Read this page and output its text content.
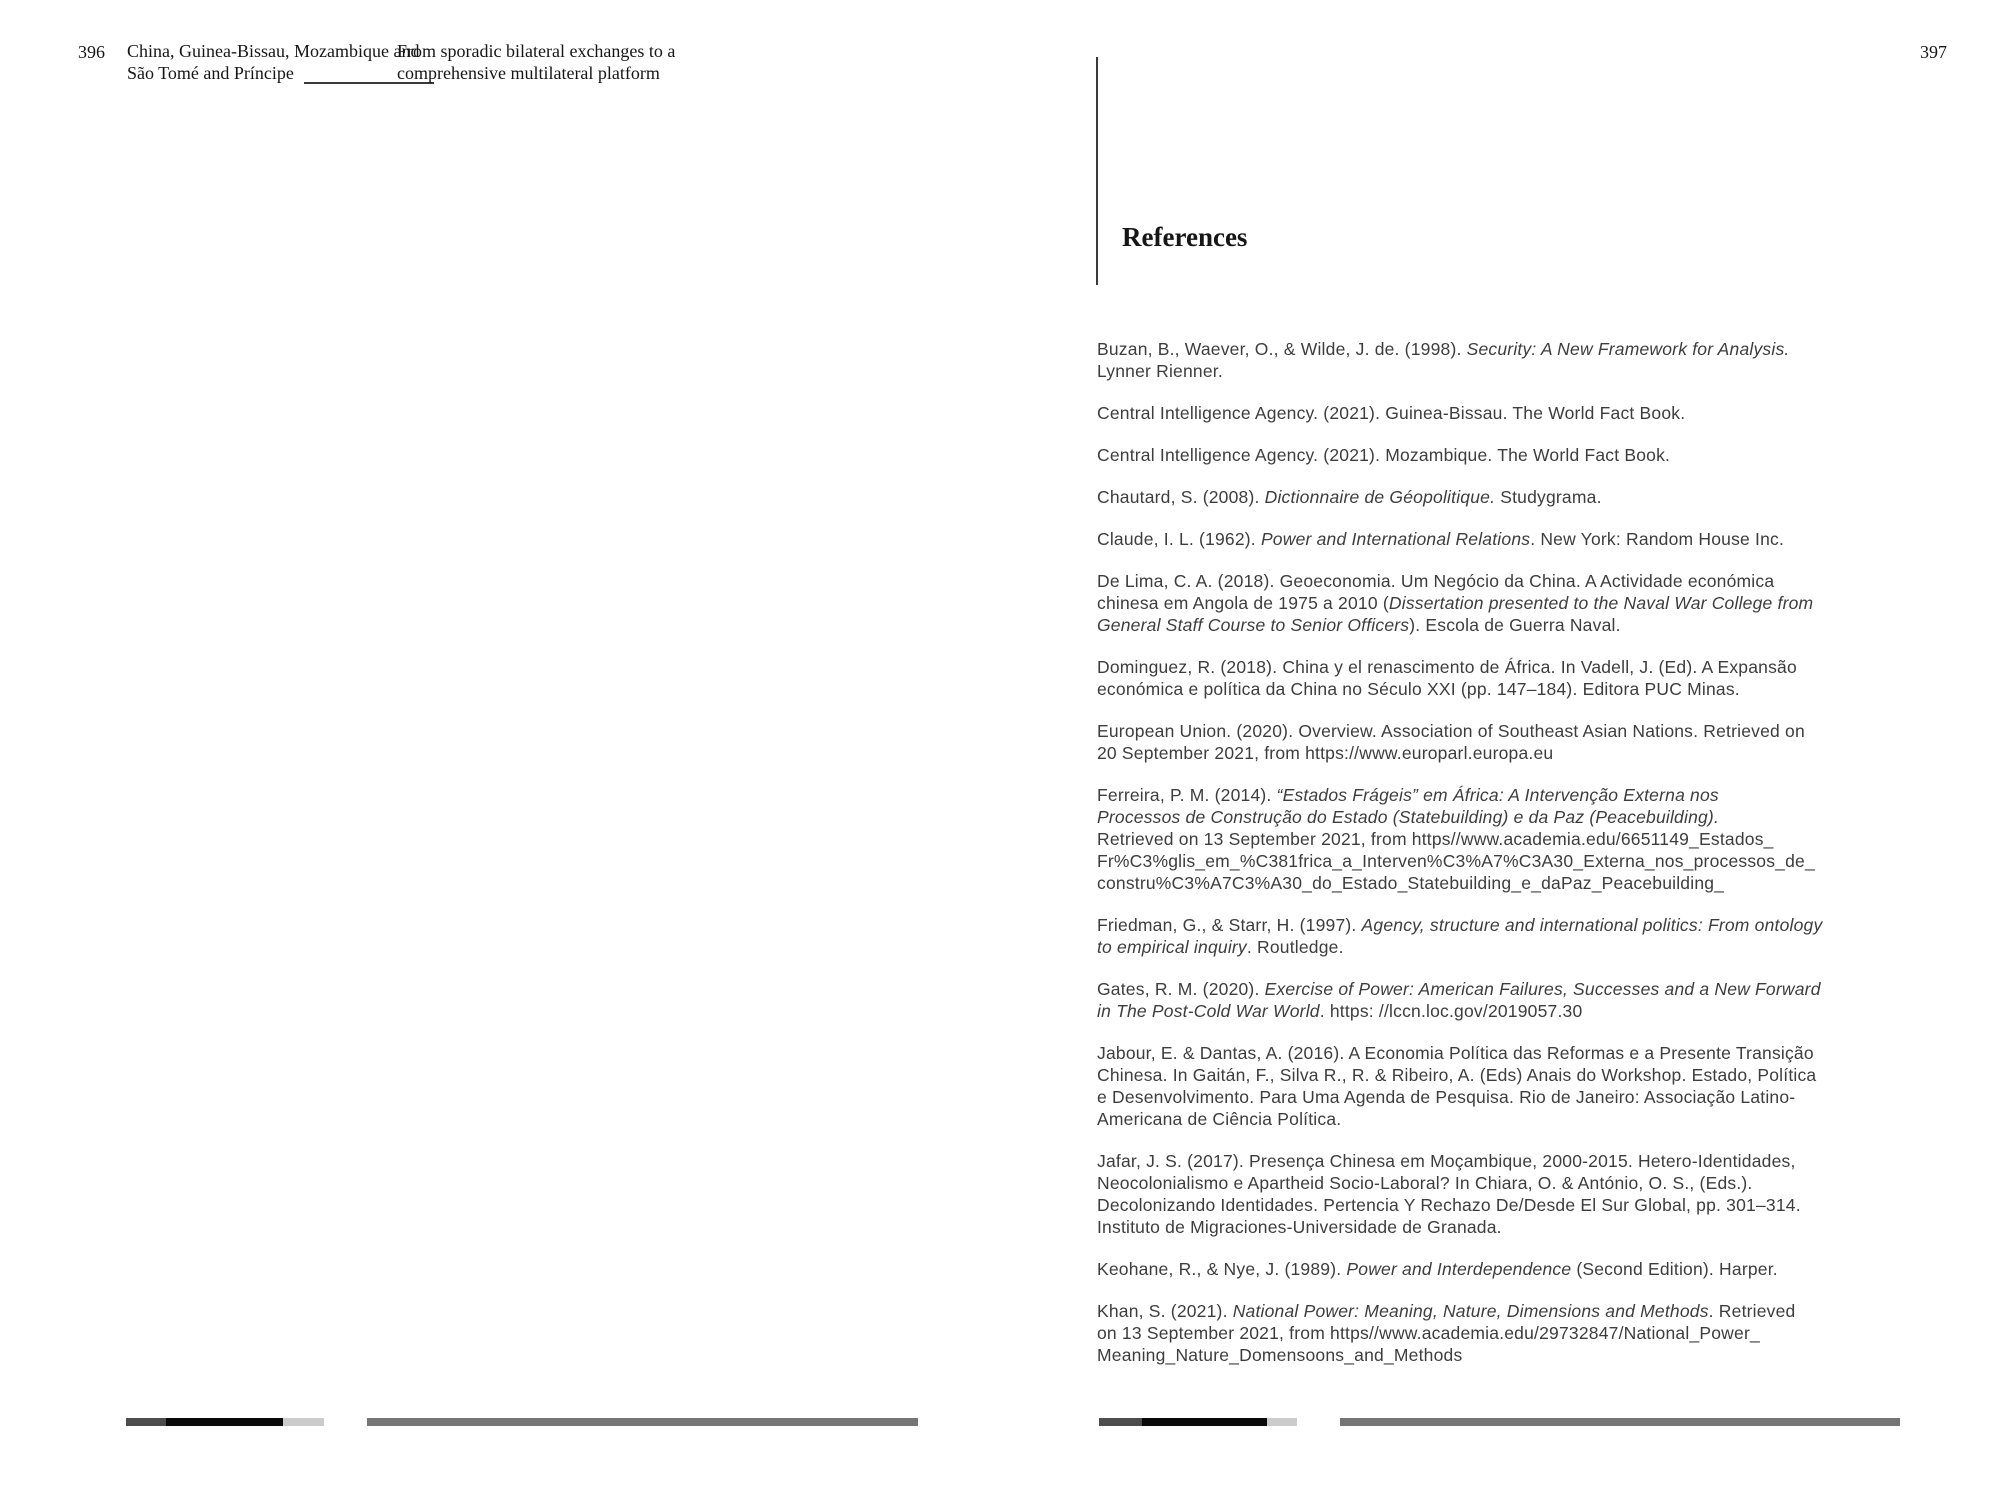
396 China, Guinea-Bissau, Mozambique and
São Tomé and Príncipe
From sporadic bilateral exchanges to a
comprehensive multilateral platform
397
References

Buzan, B., Waever, O., & Wilde, J. de. (1998). Security: A New Framework for Analysis.
Lynner Rienner.

Central Intelligence Agency. (2021). Guinea-Bissau. The World Fact Book.

Central Intelligence Agency. (2021). Mozambique. The World Fact Book.

Chautard, S. (2008). Dictionnaire de Géopolitique. Studygrama.

Claude, I. L. (1962). Power and International Relations. New York: Random House Inc.

De Lima, C. A. (2018). Geoeconomia. Um Negócio da China. A Actividade económica
chinesa em Angola de 1975 a 2010 (Dissertation presented to the Naval War College from
General Staff Course to Senior Officers). Escola de Guerra Naval.

Dominguez, R. (2018). China y el renascimento de África. In Vadell, J. (Ed). A Expansão
económica e política da China no Século XXI (pp. 147–184). Editora PUC Minas.

European Union. (2020). Overview. Association of Southeast Asian Nations. Retrieved on
20 September 2021, from https://www.europarl.europa.eu

Ferreira, P. M. (2014). “Estados Frágeis” em África: A Intervenção Externa nos
Processos de Construção do Estado (Statebuilding) e da Paz (Peacebuilding).
Retrieved on 13 September 2021, from https//www.academia.edu/6651149_Estados_
Fr%C3%glis_em_%C381frica_a_Interven%C3%A7%C3A30_Externa_nos_processos_de_
constru%C3%A7C3%A30_do_Estado_Statebuilding_e_daPaz_Peacebuilding_

Friedman, G., & Starr, H. (1997). Agency, structure and international politics: From ontology
to empirical inquiry. Routledge.

Gates, R. M. (2020). Exercise of Power: American Failures, Successes and a New Forward
in The Post-Cold War World. https: //lccn.loc.gov/2019057.30

Jabour, E. & Dantas, A. (2016). A Economia Política das Reformas e a Presente Transição
Chinesa. In Gaitán, F., Silva R., R. & Ribeiro, A. (Eds) Anais do Workshop. Estado, Política
e Desenvolvimento. Para Uma Agenda de Pesquisa. Rio de Janeiro: Associação Latino-
Americana de Ciência Política.

Jafar, J. S. (2017). Presença Chinesa em Moçambique, 2000-2015. Hetero-Identidades,
Neocolonialismo e Apartheid Socio-Laboral? In Chiara, O. & António, O. S., (Eds.).
Decolonizando Identidades. Pertencia Y Rechazo De/Desde El Sur Global, pp. 301–314.
Instituto de Migraciones-Universidade de Granada.

Keohane, R., & Nye, J. (1989). Power and Interdependence (Second Edition). Harper.

Khan, S. (2021). National Power: Meaning, Nature, Dimensions and Methods. Retrieved
on 13 September 2021, from https//www.academia.edu/29732847/National_Power_
Meaning_Nature_Domensoons_and_Methods
